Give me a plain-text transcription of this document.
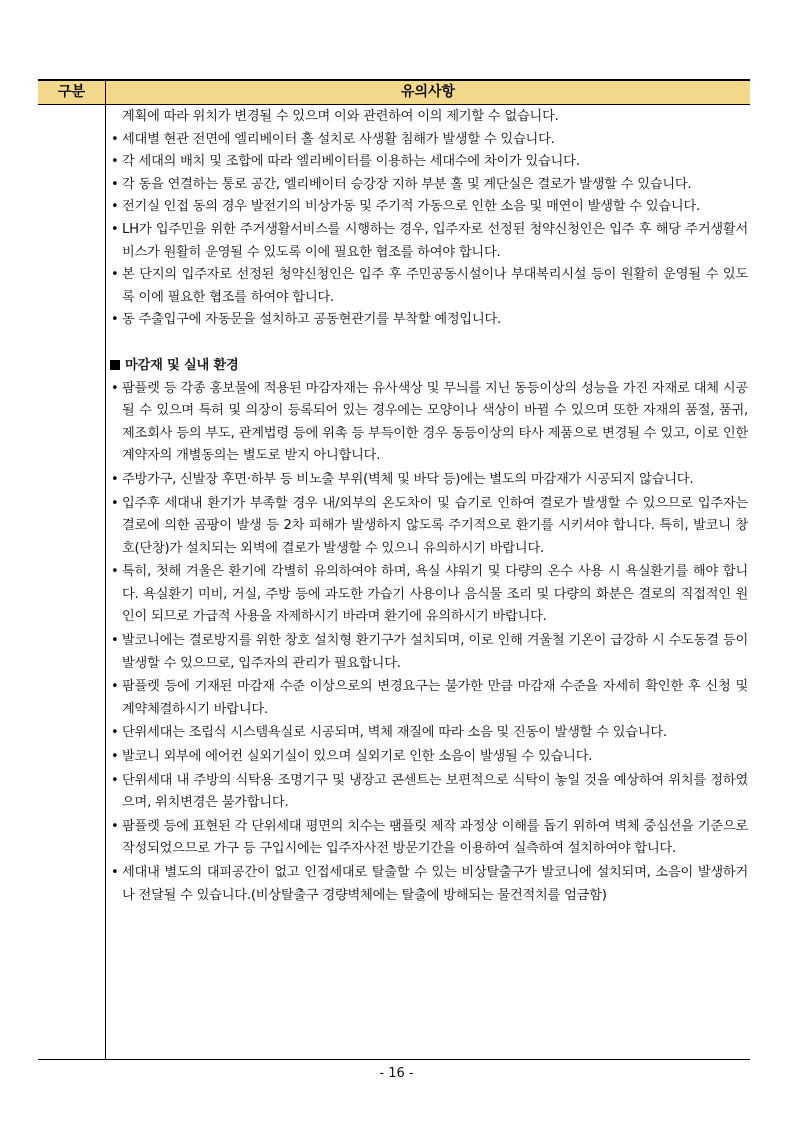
구분	유의사항
계획에 따라 위치가 변경될 수 있으며 이와 관련하여 이의 제기할 수 없습니다.
• 세대별 현관 전면에 엘리베이터 홀 설치로 사생활 침해가 발생할 수 있습니다.
• 각 세대의 배치 및 조합에 따라 엘리베이터를 이용하는 세대수에 차이가 있습니다.
• 각 동을 연결하는 통로 공간, 엘리베이터 승강장 지하 부분 홀 및 계단실은 결로가 발생할 수 있습니다.
• 전기실 인접 동의 경우 발전기의 비상가동 및 주기적 가동으로 인한 소음 및 매연이 발생할 수 있습니다.
• LH가 입주민을 위한 주거생활서비스를 시행하는 경우, 입주자로 선정된 청약신청인은 입주 후 해당 주거생활서비스가 원활히 운영될 수 있도록 이에 필요한 협조를 하여야 합니다.
• 본 단지의 입주자로 선정된 청약신청인은 입주 후 주민공동시설이나 부대복리시설 등이 원활히 운영될 수 있도록 이에 필요한 협조를 하여야 합니다.
• 동 주출입구에 자동문을 설치하고 공동현관기를 부착할 예정입니다.
마감재 및 실내 환경
• 팜플렛 등 각종 홍보물에 적용된 마감자재는 유사색상 및 무늬를 지닌 동등이상의 성능을 가진 자재로 대체 시공될 수 있으며 특허 및 의장이 등록되어 있는 경우에는 모양이나 색상이 바뀔 수 있으며 또한 자재의 품절, 품귀, 제조회사 등의 부도, 관계법령 등에 위촉 등 부득이한 경우 동등이상의 타사 제품으로 변경될 수 있고, 이로 인한 계약자의 개별동의는 별도로 받지 아니합니다.
• 주방가구, 신발장 후면·하부 등 비노출 부위(벽체 및 바닥 등)에는 별도의 마감재가 시공되지 않습니다.
• 입주후 세대내 환기가 부족할 경우 내/외부의 온도차이 및 습기로 인하여 결로가 발생할 수 있으므로 입주자는 결로에 의한 곰팡이 발생 등 2차 피해가 발생하지 않도록 주기적으로 환기를 시키셔야 합니다. 특히, 발코니 창호(단창)가 설치되는 외벽에 결로가 발생할 수 있으니 유의하시기 바랍니다.
• 특히, 첫해 겨울은 환기에 각별히 유의하여야 하며, 욕실 샤워기 및 다량의 온수 사용 시 욕실환기를 해야 합니다. 욕실환기 미비, 거실, 주방 등에 과도한 가습기 사용이나 음식물 조리 및 다량의 화분은 결로의 직접적인 원인이 되므로 가급적 사용을 자제하시기 바라며 환기에 유의하시기 바랍니다.
• 발코니에는 결로방지를 위한 창호 설치형 환기구가 설치되며, 이로 인해 겨울철 기온이 급강하 시 수도동결 등이 발생할 수 있으므로, 입주자의 관리가 필요합니다.
• 팜플렛 등에 기재된 마감재 수준 이상으로의 변경요구는 불가한 만큼 마감재 수준을 자세히 확인한 후 신청 및 계약체결하시기 바랍니다.
• 단위세대는 조립식 시스템욕실로 시공되며, 벽체 재질에 따라 소음 및 진동이 발생할 수 있습니다.
• 발코니 외부에 에어컨 실외기실이 있으며 실외기로 인한 소음이 발생될 수 있습니다.
• 단위세대 내 주방의 식탁용 조명기구 및 냉장고 콘센트는 보편적으로 식탁이 놓일 것을 예상하여 위치를 정하였으며, 위치변경은 불가합니다.
• 팜플렛 등에 표현된 각 단위세대 평면의 치수는 팸플릿 제작 과정상 이해를 돕기 위하여 벽체 중심선을 기준으로 작성되었으므로 가구 등 구입시에는 입주자사전 방문기간을 이용하여 실측하여 설치하여야 합니다.
• 세대내 별도의 대피공간이 없고 인접세대로 탈출할 수 있는 비상탈출구가 발코니에 설치되며, 소음이 발생하거나 전달될 수 있습니다.(비상탈출구 경량벽체에는 탈출에 방해되는 물건적치를 엄금함)
- 16 -
